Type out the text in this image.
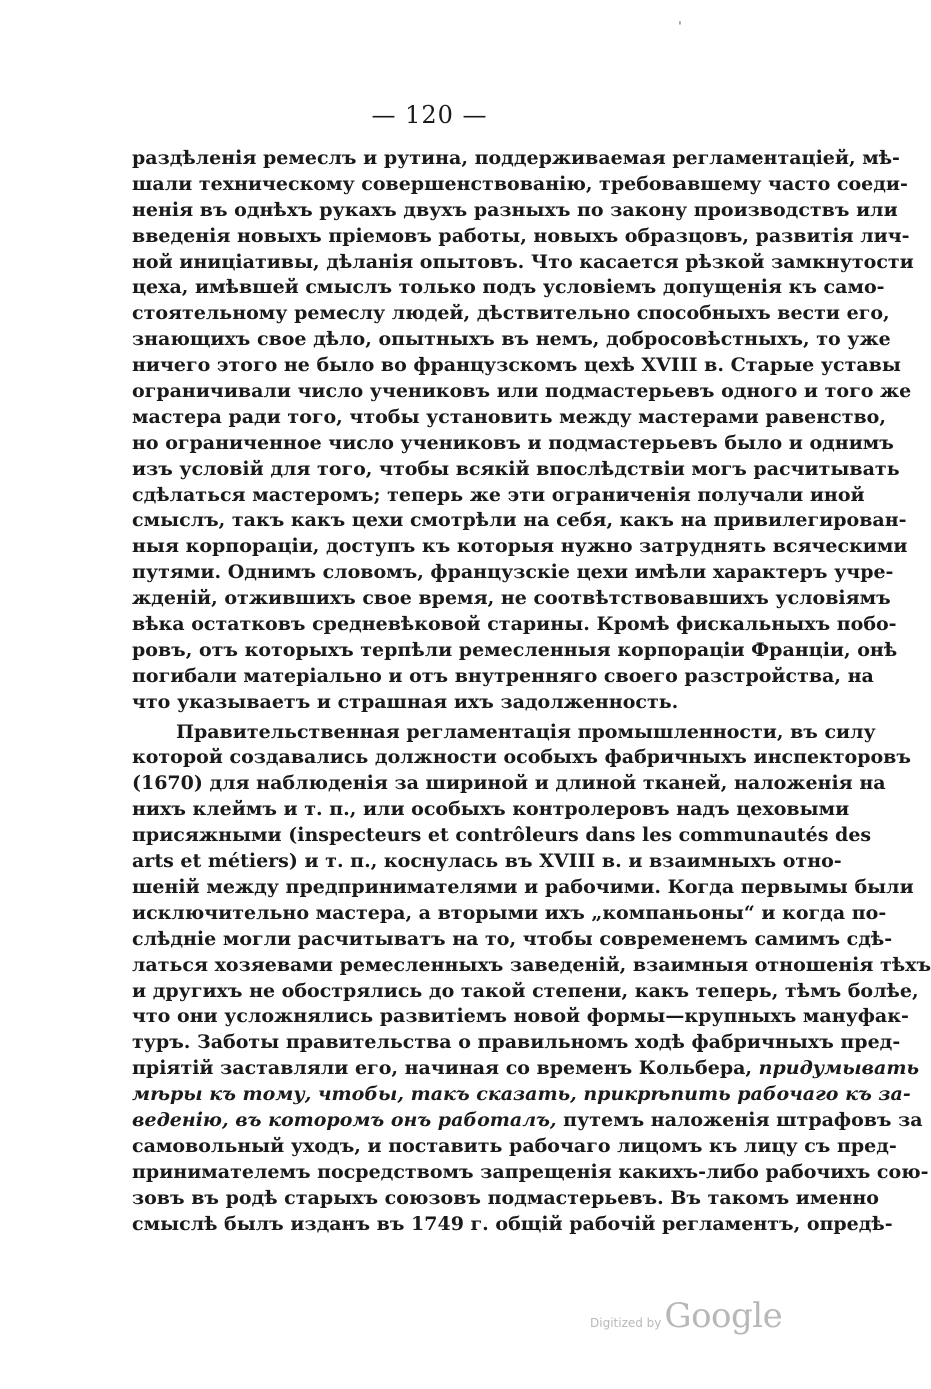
— 120 —
раздѣленія ремеслъ и рутина, поддерживаемая регламентаціей, мѣ-
шали техническому совершенствованію, требовавшему часто соеди-
ненія въ однѣхъ рукахъ двухъ разныхъ по закону производствъ или
введенія новыхъ пріемовъ работы, новыхъ образцовъ, развитія лич-
ной иниціативы, дѣланія опытовъ. Что касается рѣзкой замкнутости
цеха, имѣвшей смыслъ только подъ условіемъ допущенія къ само-
стоятельному ремеслу людей, дѣствительно способныхъ вести его,
знающихъ свое дѣло, опытныхъ въ немъ, добросовѣстныхъ, то уже
ничего этого не было во французскомъ цехѣ XVIII в. Старые уставы
ограничивали число учениковъ или подмастерьевъ одного и того же
мастера ради того, чтобы установить между мастерами равенство,
но ограниченное число учениковъ и подмастерьевъ было и однимъ
изъ условій для того, чтобы всякій впослѣдствіи могъ расчитывать
сдѣлаться мастеромъ; теперь же эти ограниченія получали иной
смыслъ, такъ какъ цехи смотрѣли на себя, какъ на привилегирован-
ныя корпораціи, доступъ къ которыя нужно затруднять всяческими
путями. Однимъ словомъ, французскіе цехи имѣли характеръ учре-
жденій, отжившихъ свое время, не соотвѣтствовавшихъ условіямъ
вѣка остатковъ средневѣковой старины. Кромѣ фискальныхъ побо-
ровъ, отъ которыхъ терпѣли ремесленныя корпораціи Франціи, онѣ
погибали матеріально и отъ внутренняго своего разстройства, на
что указываетъ и страшная ихъ задолженность.
Правительственная регламентація промышленности, въ силу
которой создавались должности особыхъ фабричныхъ инспекторовъ
(1670) для наблюденія за шириной и длиной тканей, наложенія на
нихъ клеймъ и т. п., или особыхъ контролеровъ надъ цеховыми
присяжными (inspecteurs et contrôleurs dans les communautés des
arts et métiers) и т. п., коснулась въ XVIII в. и взаимныхъ отно-
шеній между предпринимателями и рабочими. Когда первымы были
исключительно мастера, а вторыми ихъ „компаньоны“ и когда по-
слѣдніе могли расчитыватъ на то, чтобы современемъ самимъ сдѣ-
латься хозяевами ремесленныхъ заведеній, взаимныя отношенія тѣхъ
и другихъ не обострялись до такой степени, какъ теперь, тѣмъ болѣе,
что они усложнялись развитіемъ новой формы—крупныхъ мануфак-
туръ. Заботы правительства о правильномъ ходѣ фабричныхъ пред-
пріятій заставляли его, начиная со временъ Кольбера, придумывать
мѣры къ тому, чтобы, такъ сказать, прикрѣпить рабочаго къ за-
веденію, въ которомъ онъ работалъ, путемъ наложенія штрафовъ за
самовольный уходъ, и поставить рабочаго лицомъ къ лицу съ пред-
принимателемъ посредствомъ запрещенія какихъ-либо рабочихъ сою-
зовъ въ родѣ старыхъ союзовъ подмастерьевъ. Въ такомъ именно
смыслѣ былъ изданъ въ 1749 г. общій рабочій регламентъ, опредѣ-
Digitized by Google
ˈ
